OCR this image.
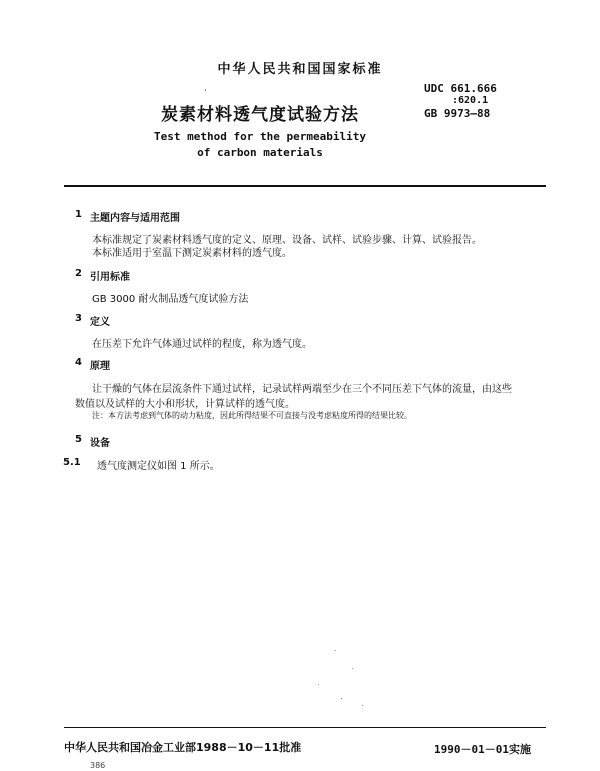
中华人民共和国国家标准
·
炭素材料透气度试验方法
Test method for the permeability
of carbon materials
UDC 661.666
:620.1
GB 9973—88
1 主题内容与适用范围
本标准规定了炭素材料透气度的定义、原理、设备、试样、试验步骤、计算、试验报告。
本标准适用于室温下测定炭素材料的透气度。
2 引用标准
GB 3000 耐火制品透气度试验方法
3 定义
在压差下允许气体通过试样的程度，称为透气度。
4 原理
让干燥的气体在层流条件下通过试样，记录试样两端至少在三个不同压差下气体的流量，由这些
数值以及试样的大小和形状，计算试样的透气度。
注：本方法考虑到气体的动力粘度，因此所得结果不可直接与没考虑粘度所得的结果比较。
5 设备
5.1 透气度测定仪如图 1 所示。
中华人民共和国冶金工业部1988－10－11批准	1990－01－01实施
386
